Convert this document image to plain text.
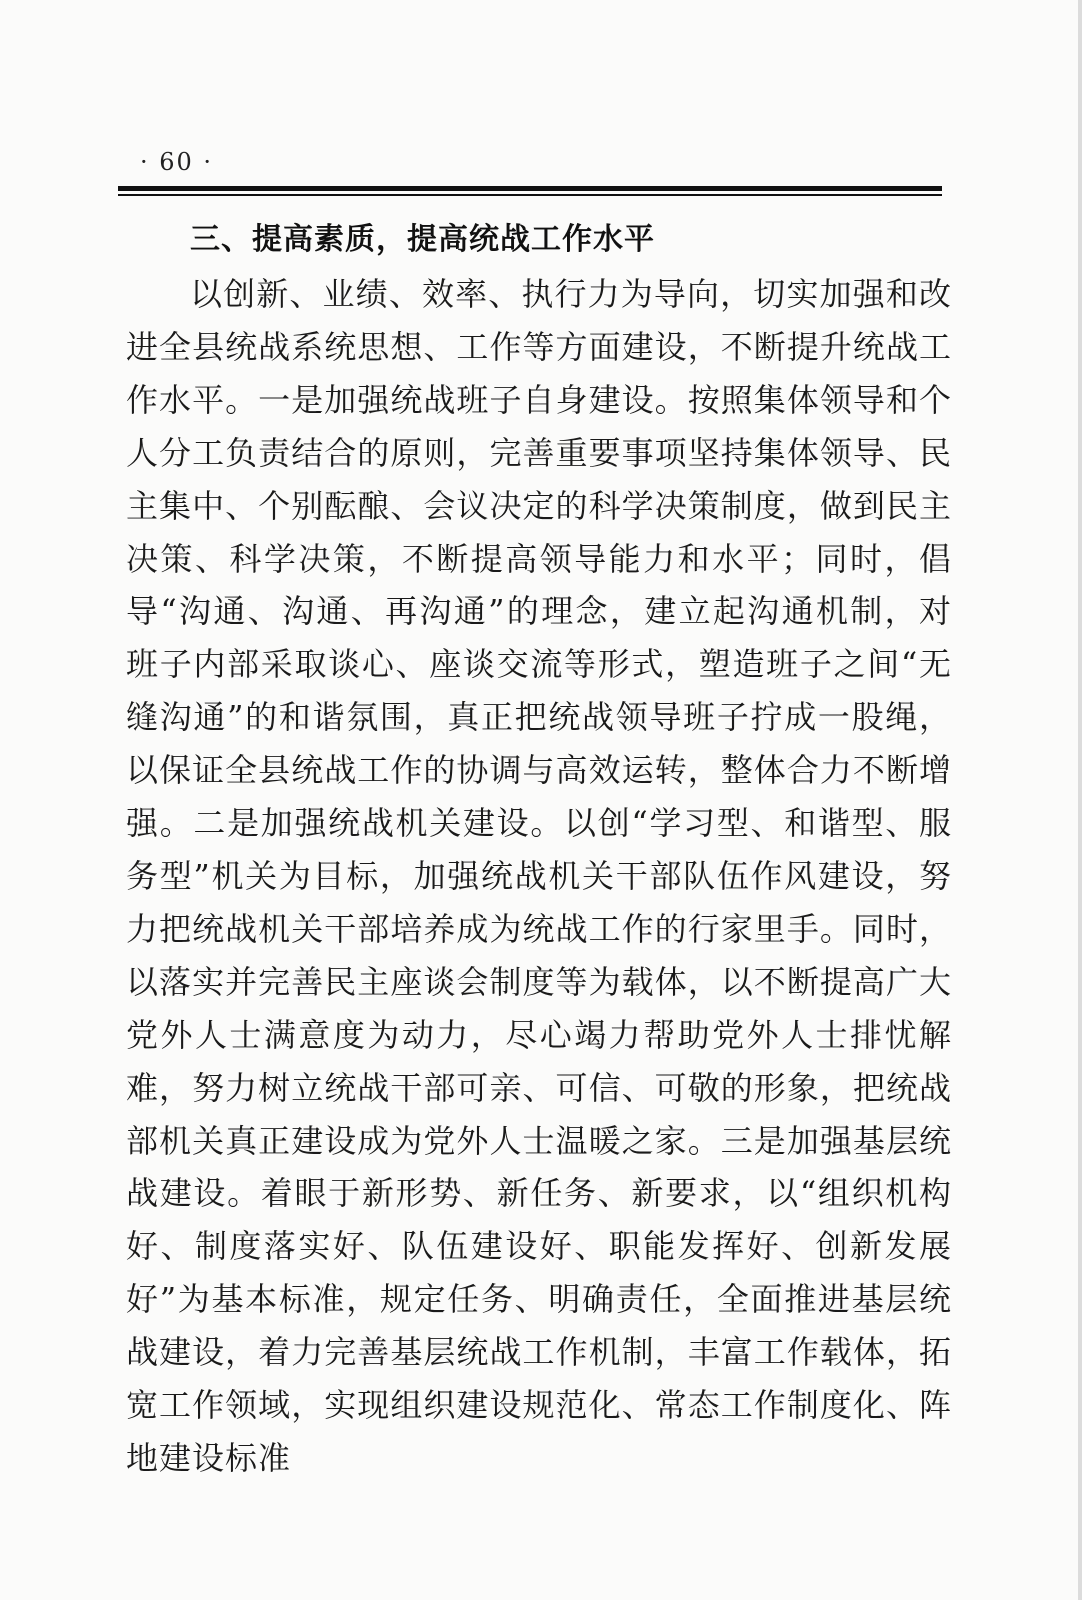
· 60 ·
三、提高素质，提高统战工作水平

以创新、业绩、效率、执行力为导向，切实加强和改进全县统战系统思想、工作等方面建设，不断提升统战工作水平。一是加强统战班子自身建设。按照集体领导和个人分工负责结合的原则，完善重要事项坚持集体领导、民主集中、个别酝酿、会议决定的科学决策制度，做到民主决策、科学决策，不断提高领导能力和水平；同时，倡导“沟通、沟通、再沟通”的理念，建立起沟通机制，对班子内部采取谈心、座谈交流等形式，塑造班子之间“无缝沟通”的和谐氛围，真正把统战领导班子拧成一股绳，以保证全县统战工作的协调与高效运转，整体合力不断增强。二是加强统战机关建设。以创“学习型、和谐型、服务型”机关为目标，加强统战机关干部队伍作风建设，努力把统战机关干部培养成为统战工作的行家里手。同时，以落实并完善民主座谈会制度等为载体，以不断提高广大党外人士满意度为动力，尽心竭力帮助党外人士排忧解难，努力树立统战干部可亲、可信、可敬的形象，把统战部机关真正建设成为党外人士温暖之家。三是加强基层统战建设。着眼于新形势、新任务、新要求，以“组织机构好、制度落实好、队伍建设好、职能发挥好、创新发展好”为基本标准，规定任务、明确责任，全面推进基层统战建设，着力完善基层统战工作机制，丰富工作载体，拓宽工作领域，实现组织建设规范化、常态工作制度化、阵地建设标准
